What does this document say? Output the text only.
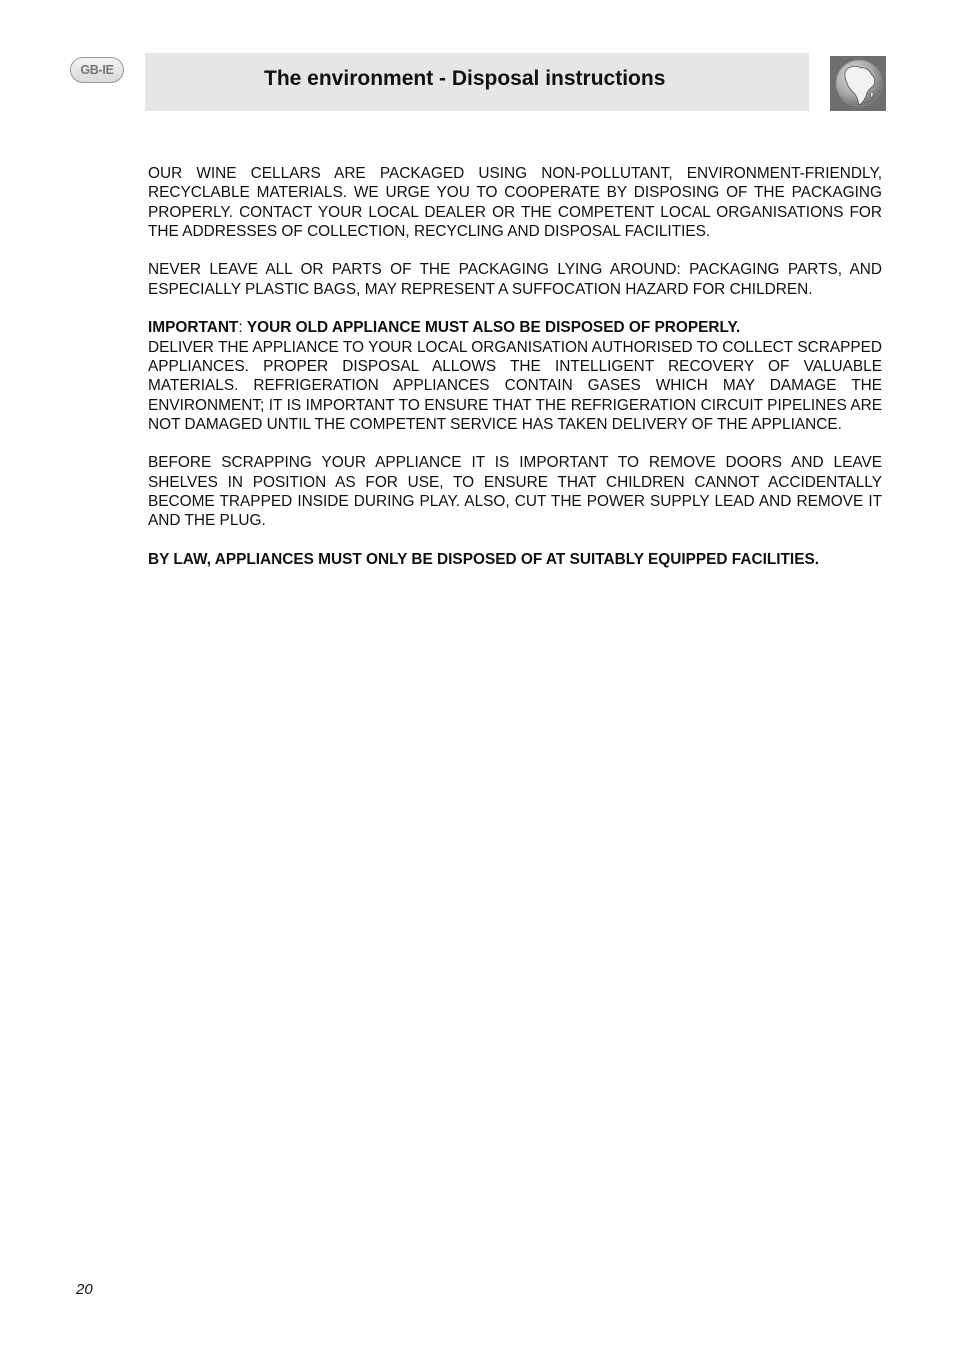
GB-IE	The environment - Disposal instructions

OUR WINE CELLARS ARE PACKAGED USING NON-POLLUTANT, ENVIRONMENT-FRIENDLY, RECYCLABLE MATERIALS. WE URGE YOU TO COOPERATE BY DISPOSING OF THE PACKAGING PROPERLY. CONTACT YOUR LOCAL DEALER OR THE COMPETENT LOCAL ORGANISATIONS FOR THE ADDRESSES OF COLLECTION, RECYCLING AND DISPOSAL FACILITIES.

NEVER LEAVE ALL OR PARTS OF THE PACKAGING LYING AROUND: PACKAGING PARTS, AND ESPECIALLY PLASTIC BAGS, MAY REPRESENT A SUFFOCATION HAZARD FOR CHILDREN.

IMPORTANT: YOUR OLD APPLIANCE MUST ALSO BE DISPOSED OF PROPERLY.

DELIVER THE APPLIANCE TO YOUR LOCAL ORGANISATION AUTHORISED TO COLLECT SCRAPPED APPLIANCES. PROPER DISPOSAL ALLOWS THE INTELLIGENT RECOVERY OF VALUABLE MATERIALS. REFRIGERATION APPLIANCES CONTAIN GASES WHICH MAY DAMAGE THE ENVIRONMENT; IT IS IMPORTANT TO ENSURE THAT THE REFRIGERATION CIRCUIT PIPELINES ARE NOT DAMAGED UNTIL THE COMPETENT SERVICE HAS TAKEN DELIVERY OF THE APPLIANCE.

BEFORE SCRAPPING YOUR APPLIANCE IT IS IMPORTANT TO REMOVE DOORS AND LEAVE SHELVES IN POSITION AS FOR USE, TO ENSURE THAT CHILDREN CANNOT ACCIDENTALLY BECOME TRAPPED INSIDE DURING PLAY. ALSO, CUT THE POWER SUPPLY LEAD AND REMOVE IT AND THE PLUG.

BY LAW, APPLIANCES MUST ONLY BE DISPOSED OF AT SUITABLY EQUIPPED FACILITIES.

20
